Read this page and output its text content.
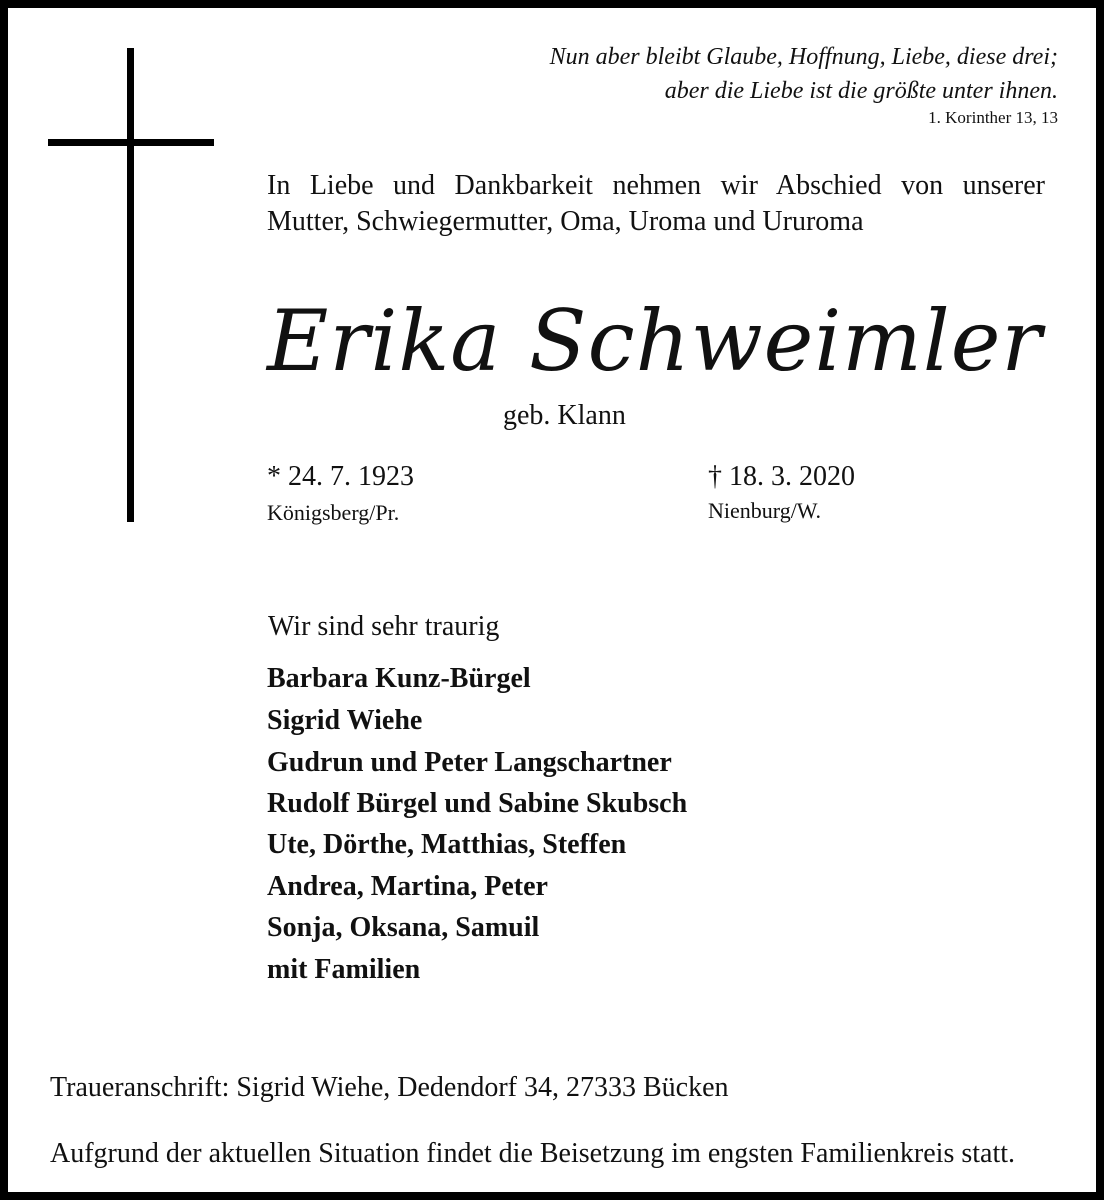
Nun aber bleibt Glaube, Hoffnung, Liebe, diese drei;
aber die Liebe ist die größte unter ihnen.
1. Korinther 13, 13
In Liebe und Dankbarkeit nehmen wir Abschied von unserer
Mutter, Schwiegermutter, Oma, Uroma und Ururoma
Erika Schweimler
geb. Klann
* 24. 7. 1923
Königsberg/Pr.
† 18. 3. 2020
Nienburg/W.
Wir sind sehr traurig
Barbara Kunz-Bürgel
Sigrid Wiehe
Gudrun und Peter Langschartner
Rudolf Bürgel und Sabine Skubsch
Ute, Dörthe, Matthias, Steffen
Andrea, Martina, Peter
Sonja, Oksana, Samuil
mit Familien
Traueranschrift: Sigrid Wiehe, Dedendorf 34, 27333 Bücken
Aufgrund der aktuellen Situation findet die Beisetzung im engsten Familienkreis statt.
